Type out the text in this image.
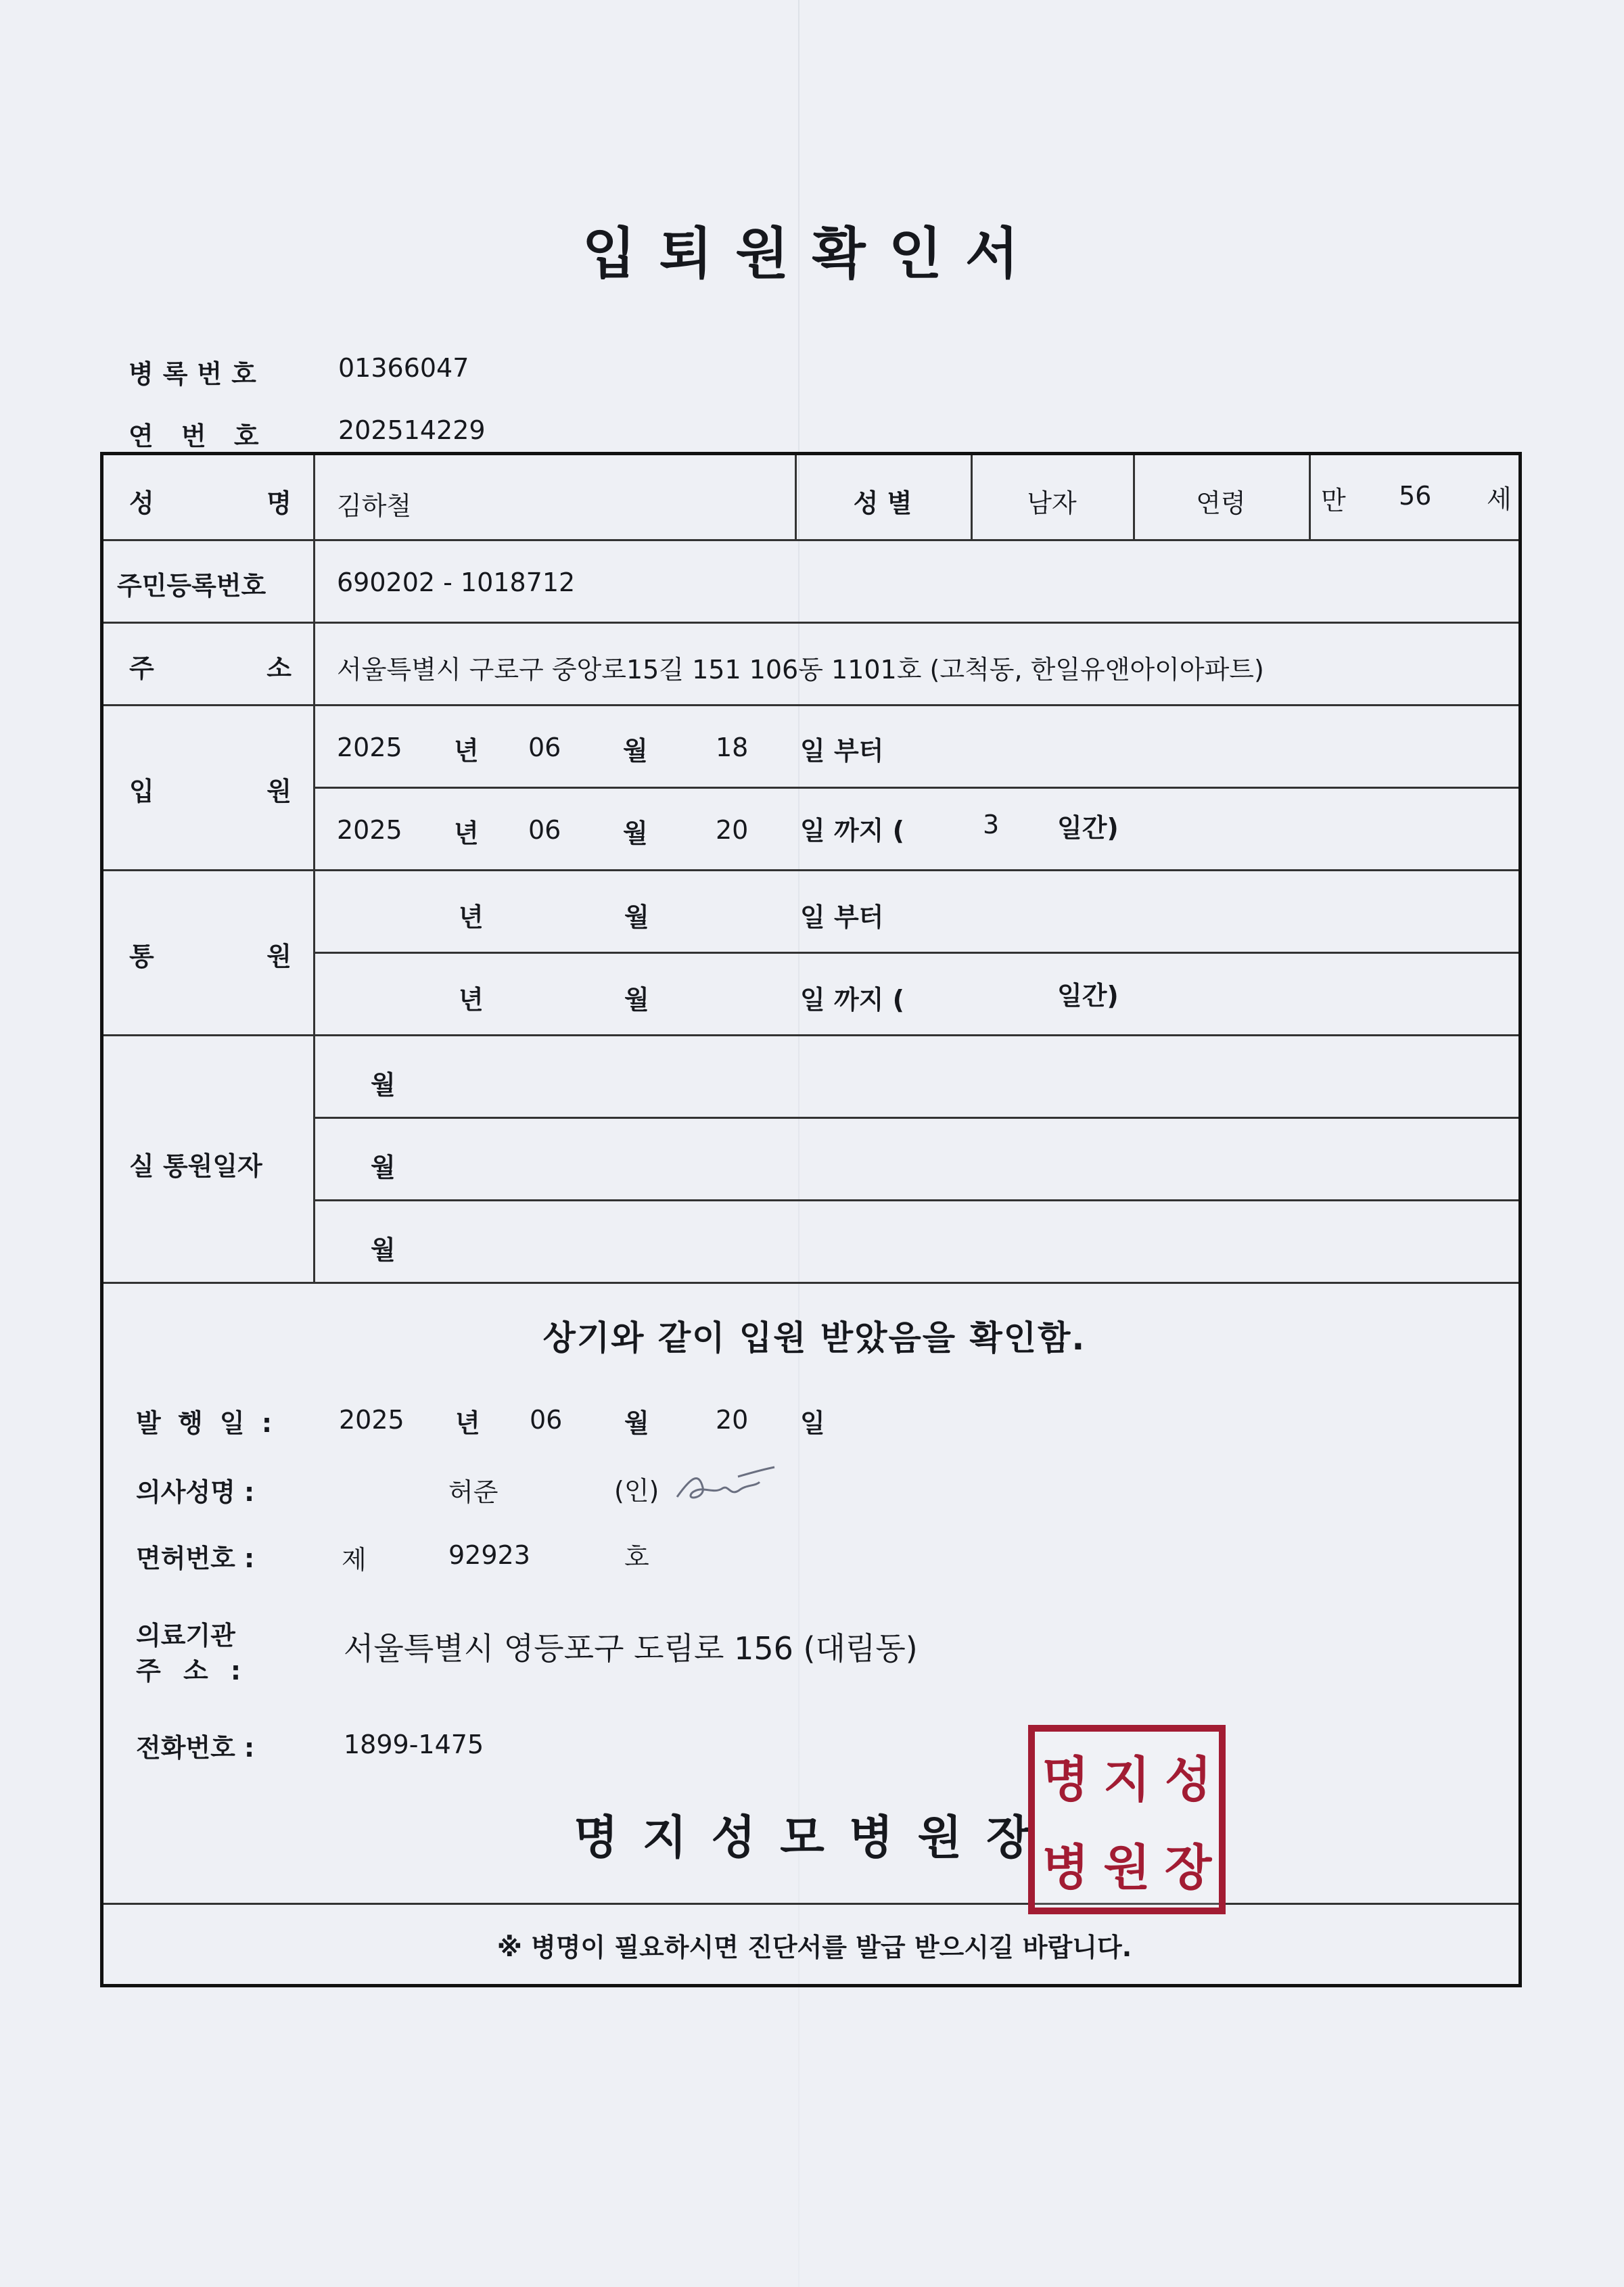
입퇴원확인서
병록번호	01366047
연 번 호	202514229
성	명 김하철	성 별	남자	연령	만 56 세
주민등록번호	690202 - 1018712
주	소 서울특별시 구로구 중앙로15길 151 106동 1101호 (고척동, 한일유앤아이아파트)
입	원
2025 년 06 월	18 일 부터
2025 년 06 월	20 일 까지 (	3 일간)
통	원
년	월	일 부터
년	월	일 까지 (	일간)
실 통원일자
월
월
월
상기와 같이 입원 받았음을 확인함.
발 행 일 : 2025 년 06 월	20 일
의사성명 :	허준	(인)
면허번호 :	제	92923	호
의료기관
주 소 :
서울특별시 영등포구 도림로 156 (대림동)
전화번호 :	1899-1475
명지성모병원장
※ 병명이 필요하시면 진단서를 발급 받으시길 바랍니다.
명 지 성
병 원 장
